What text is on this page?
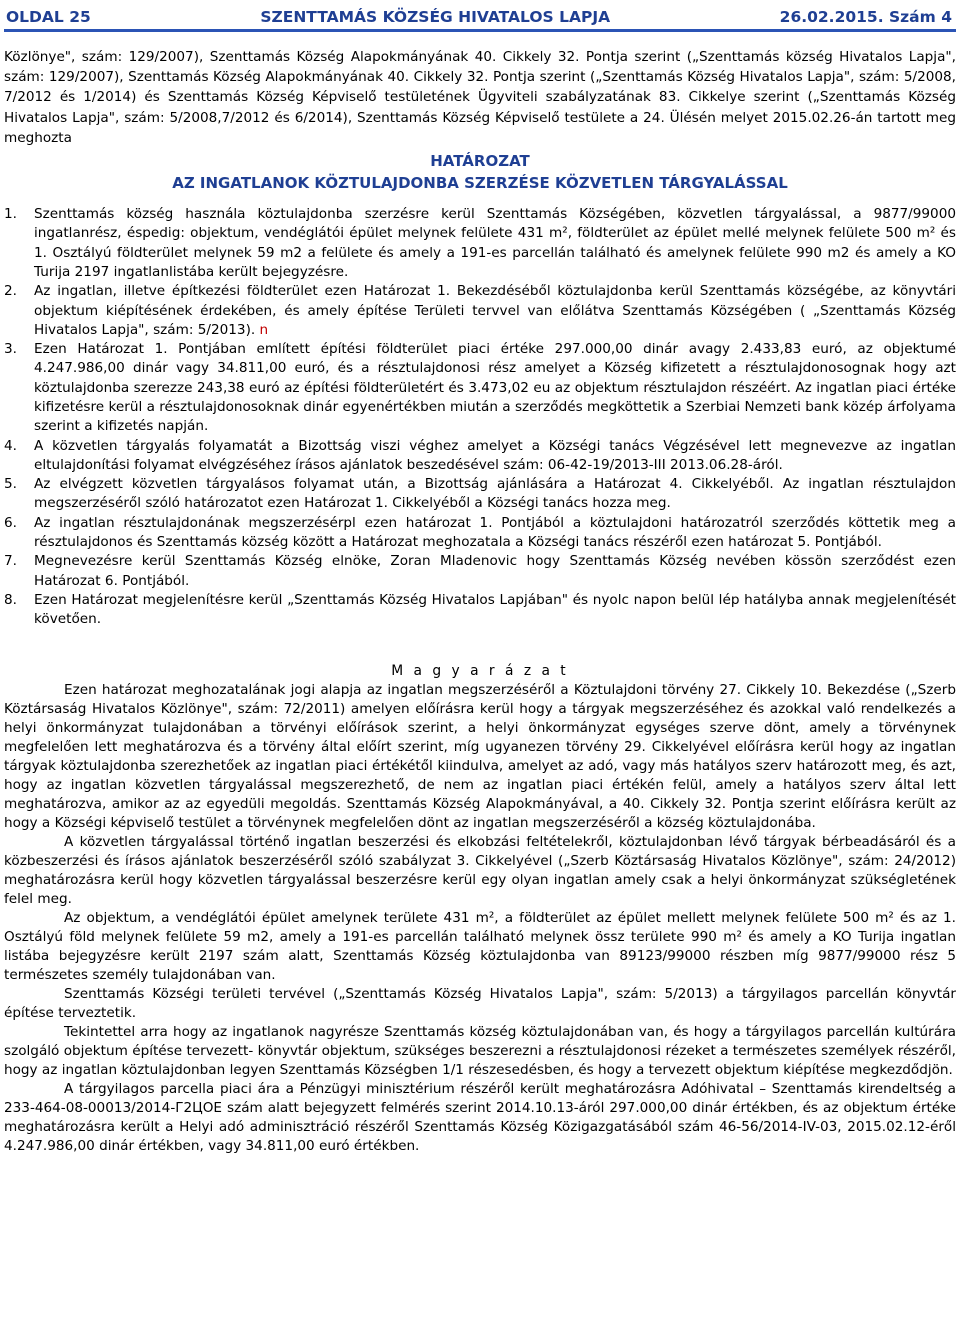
OLDAL 25	SZENTTAMÁS KÖZSÉG HIVATALOS LAPJA	26.02.2015. Szám 4

Közlönye", szám: 129/2007), Szenttamás Község Alapokmányának 40. Cikkely 32. Pontja szerint („Szenttamás község Hivatalos Lapja", szám: 129/2007), Szenttamás Község Alapokmányának 40. Cikkely 32. Pontja szerint („Szenttamás Község Hivatalos Lapja", szám: 5/2008, 7/2012 és 1/2014) és Szenttamás Község Képviselő testületének Ügyviteli szabályzatának 83. Cikkelye szerint („Szenttamás Község Hivatalos Lapja", szám: 5/2008,7/2012 és 6/2014), Szenttamás Község Képviselő testülete a 24. Ülésén melyet 2015.02.26-án tartott meg meghozta

HATÁROZAT
AZ INGATLANOK KÖZTULAJDONBA SZERZÉSE KÖZVETLEN TÁRGYALÁSSAL
1.	Szenttamás község használa köztulajdonba szerzésre kerül Szenttamás Községében, közvetlen tárgyalással, a 9877/99000 ingatlanrész, éspedig: objektum, vendéglátói épület melynek felülete 431 m², földterület az épület mellé melynek felülete 500 m² és 1. Osztályú földterület melynek 59 m2 a felülete és amely a 191-es parcellán található és amelynek felülete 990 m2 és amely a KO Turija 2197 ingatlanlistába került bejegyzésre.
2.	Az ingatlan, illetve építkezési földterület ezen Határozat 1. Bekezdéséből köztulajdonba kerül Szenttamás községébe, az könyvtári objektum kiépítésének érdekében, és amely építése Területi tervvel van előlátva Szenttamás Községében ( „Szenttamás Község Hivatalos Lapja", szám: 5/2013). n
3.	Ezen Határozat 1. Pontjában említett építési földterület piaci értéke 297.000,00 dinár avagy 2.433,83 euró, az objektumé 4.247.986,00 dinár vagy 34.811,00 euró, és a résztulajdonosi rész amelyet a Község kifizetett a résztulajdonosognak hogy azt köztulajdonba szerezze 243,38 euró az építési földterületért és 3.473,02 eu az objektum résztulajdon részéért. Az ingatlan piaci értéke kifizetésre kerül a résztulajdonosoknak dinár egyenértékben miután a szerződés megköttetik a Szerbiai Nemzeti bank közép árfolyama szerint a kifizetés napján.
4.	A közvetlen tárgyalás folyamatát a Bizottság viszi véghez amelyet a Községi tanács Végzésével lett megnevezve az ingatlan eltulajdonítási folyamat elvégzéséhez írásos ajánlatok beszedésével szám: 06-42-19/2013-III 2013.06.28-áról.
5.	Az elvégzett közvetlen tárgyalásos folyamat után, a Bizottság ajánlására a Határozat 4. Cikkelyéből. Az ingatlan résztulajdon megszerzéséről szóló határozatot ezen Határozat 1. Cikkelyéből a Községi tanács hozza meg.
6.	Az ingatlan résztulajdonának megszerzésérpl ezen határozat 1. Pontjából a köztulajdoni határozatról szerződés köttetik meg a résztulajdonos és Szenttamás község között a Határozat meghozatala a Községi tanács részéről ezen határozat 5. Pontjából.
7.	Megnevezésre kerül Szenttamás Község elnöke, Zoran Mladenovic hogy Szenttamás Község nevében kössön szerződést ezen Határozat 6. Pontjából.
8.	Ezen Határozat megjelenítésre kerül „Szenttamás Község Hivatalos Lapjában" és nyolc napon belül lép hatályba annak megjelenítését követően.
M a g y a r á z a t

Ezen határozat meghozatalának jogi alapja az ingatlan megszerzéséről a Köztulajdoni törvény 27. Cikkely 10. Bekezdése („Szerb Köztársaság Hivatalos Közlönye", szám: 72/2011) amelyen előírásra kerül hogy a tárgyak megszerzéséhez és azokkal való rendelkezés a helyi önkormányzat tulajdonában a törvényi előírások szerint, a helyi önkormányzat egységes szerve dönt, amely a törvénynek megfelelően lett meghatározva és a törvény által előírt szerint, míg ugyanezen törvény 29. Cikkelyével előírásra kerül hogy az ingatlan tárgyak köztulajdonba szerezhetőek az ingatlan piaci értékétől kiindulva, amelyet az adó, vagy más hatályos szerv határozott meg, és azt, hogy az ingatlan közvetlen tárgyalással megszerezhető, de nem az ingatlan piaci értékén felül, amely a hatályos szerv által lett meghatározva, amikor az az egyedüli megoldás. Szenttamás Község Alapokmányával, a 40. Cikkely 32. Pontja szerint előírásra került az hogy a Községi képviselő testület a törvénynek megfelelően dönt az ingatlan megszerzéséről a község köztulajdonába.

A közvetlen tárgyalással történő ingatlan beszerzési és elkobzási feltételekről, köztulajdonban lévő tárgyak bérbeadásáról és a közbeszerzési és írásos ajánlatok beszerzéséről szóló szabályzat 3. Cikkelyével („Szerb Köztársaság Hivatalos Közlönye", szám: 24/2012) meghatározásra kerül hogy közvetlen tárgyalással beszerzésre kerül egy olyan ingatlan amely csak a helyi önkormányzat szükségletének felel meg.

Az objektum, a vendéglátói épület amelynek területe 431 m², a földterület az épület mellett melynek felülete 500 m² és az 1. Osztályú föld melynek felülete 59 m2, amely a 191-es parcellán található melynek össz területe 990 m² és amely a KO Turija ingatlan listába bejegyzésre került 2197 szám alatt, Szenttamás Község köztulajdonba van 89123/99000 részben míg 9877/99000 rész 5 természetes személy tulajdonában van.

Szenttamás Községi területi tervével („Szenttamás Község Hivatalos Lapja", szám: 5/2013) a tárgyilagos parcellán könyvtár építése terveztetik.

Tekintettel arra hogy az ingatlanok nagyrésze Szenttamás község köztulajdonában van, és hogy a tárgyilagos parcellán kultúrára szolgáló objektum építése tervezett- könyvtár objektum, szükséges beszerezni a résztulajdonosi rézeket a természetes személyek részéről, hogy az ingatlan köztulajdonban legyen Szenttamás Községben 1/1 részesedésben, és hogy a tervezett objektum kiépítése megkezdődjön.

A tárgyilagos parcella piaci ára a Pénzügyi minisztérium részéről került meghatározásra Adóhivatal – Szenttamás kirendeltség a 233-464-08-00013/2014-Г2ЦОЕ szám alatt bejegyzett felmérés szerint 2014.10.13-áról 297.000,00 dinár értékben, és az objektum értéke meghatározásra került a Helyi adó adminisztráció részéről Szenttamás Község Közigazgatásából szám 46-56/2014-IV-03, 2015.02.12-éről 4.247.986,00 dinár értékben, vagy 34.811,00 euró értékben.
